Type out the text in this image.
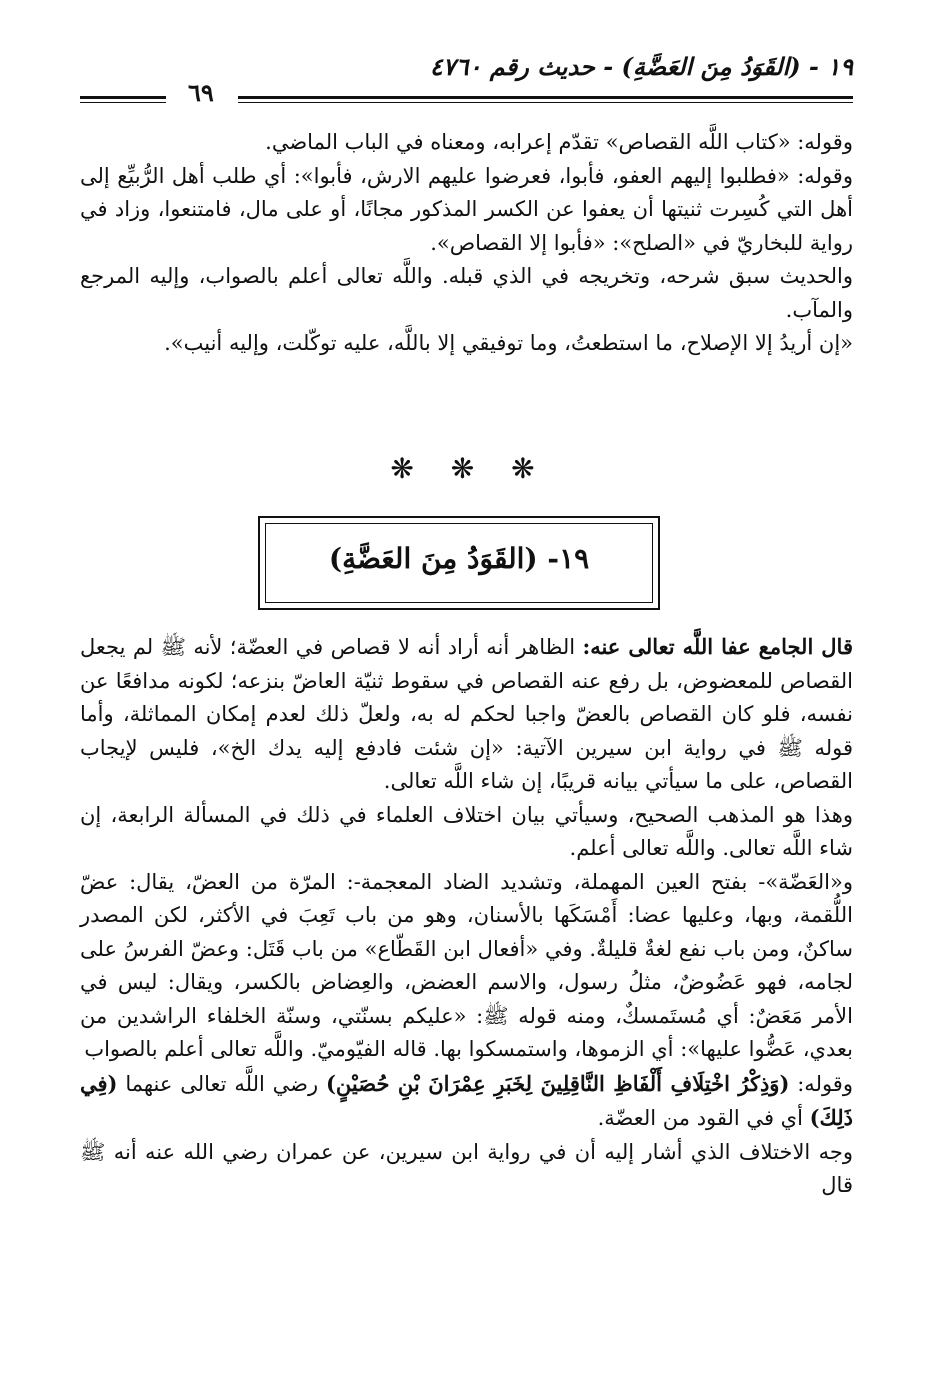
١٩ - (القَوَدُ مِنَ العَضَّةِ) - حديث رقم ٤٧٦٠
٦٩

وقوله: «كتاب اللَّه القصاص» تقدّم إعرابه، ومعناه في الباب الماضي.

وقوله: «فطلبوا إليهم العفو، فأبوا، فعرضوا عليهم الارش، فأبوا»: أي طلب أهل الرُّبيِّع إلى أهل التي كُسِرت ثنيتها أن يعفوا عن الكسر المذكور مجانًا، أو على مال، فامتنعوا، وزاد في رواية للبخاريّ في «الصلح»: «فأبوا إلا القصاص».

والحديث سبق شرحه، وتخريجه في الذي قبله. واللَّه تعالى أعلم بالصواب، وإليه المرجع والمآب.

«إن أريدُ إلا الإصلاح، ما استطعتُ، وما توفيقي إلا باللَّه، عليه توكّلت، وإليه أنيب».

❋ ❋ ❋
١٩- (القَوَدُ مِنَ العَضَّةِ)

قال الجامع عفا اللَّه تعالى عنه: الظاهر أنه أراد أنه لا قصاص في العضّة؛ لأنه ﷺ لم يجعل القصاص للمعضوض، بل رفع عنه القصاص في سقوط ثنيّة العاضّ بنزعه؛ لكونه مدافعًا عن نفسه، فلو كان القصاص بالعضّ واجبا لحكم له به، ولعلّ ذلك لعدم إمكان المماثلة، وأما قوله ﷺ في رواية ابن سيرين الآتية: «إن شئت فادفع إليه يدك الخ»، فليس لإيجاب القصاص، على ما سيأتي بيانه قريبًا، إن شاء اللَّه تعالى.

وهذا هو المذهب الصحيح، وسيأتي بيان اختلاف العلماء في ذلك في المسألة الرابعة، إن شاء اللَّه تعالى. واللَّه تعالى أعلم.

و«العَضّة»- بفتح العين المهملة، وتشديد الضاد المعجمة-: المرّة من العضّ، يقال: عضّ اللُّقمة، وبها، وعليها عضا: أَمْسَكَها بالأسنان، وهو من باب تَعِبَ في الأكثر، لكن المصدر ساكنٌ، ومن باب نفع لغةٌ قليلةٌ. وفي «أفعال ابن القَطّاع» من باب قَتَل: وعضّ الفرسُ على لجامه، فهو عَضُوضٌ، مثلُ رسول، والاسم العضض، والعِضاض بالكسر، ويقال: ليس في الأمر مَعَضٌ: أي مُستَمسكٌ، ومنه قوله ﷺ: «عليكم بسنّتي، وسنّة الخلفاء الراشدين من بعدي، عَضُّوا عليها»: أي الزموها، واستمسكوا بها. قاله الفيّوميّ. واللَّه تعالى أعلم بالصواب

وقوله: (وَذِكْرُ اخْتِلَافِ أَلْفَاظِ النَّاقِلِينَ لِخَبَرِ عِمْرَانَ بْنِ حُصَيْنٍ) رضي اللَّه تعالى عنهما (فِي ذَلِكَ) أي في القود من العضّة.

وجه الاختلاف الذي أشار إليه أن في رواية ابن سيرين، عن عمران رضي الله عنه أنه ﷺ قال
